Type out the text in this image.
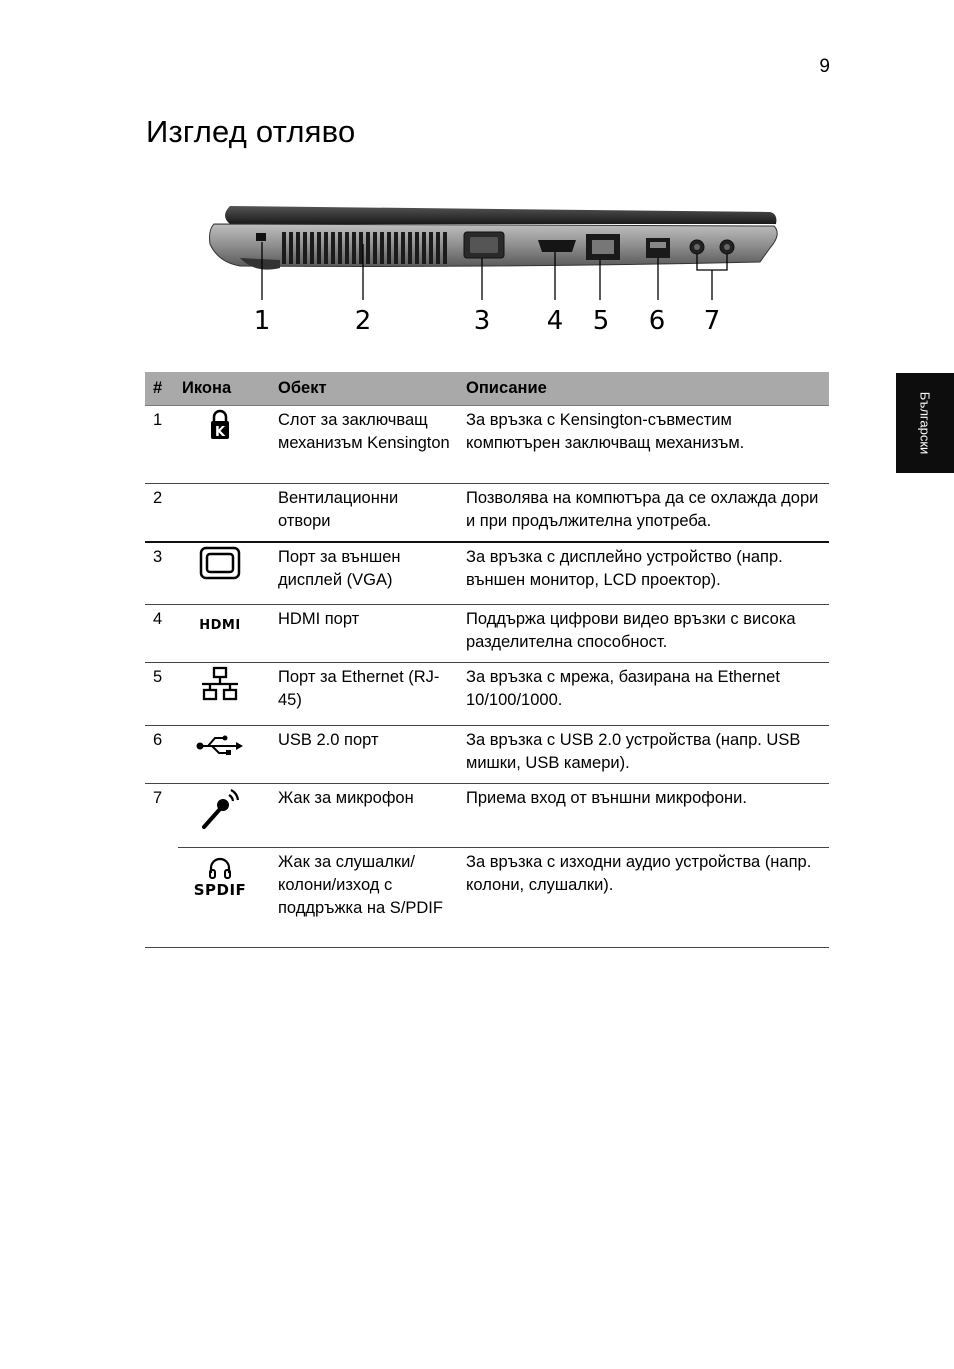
9
Изглед отляво
Български
1	2	3 4 5 6 7
#	Икона	Обект	Описание
1	K	Слот за заключващ механизъм Kensington	За връзка с Kensington-съвместим компютърен заключващ механизъм.
2		Вентилационни отвори	Позволява на компютъра да се охлажда дори и при продължителна употреба.
3		Порт за външен дисплей (VGA)	За връзка с дисплейно устройство (напр. външен монитор, LCD проектор).
4	HDMI	HDMI порт	Поддържа цифрови видео връзки с висока разделителна способност.
5		Порт за Ethernet (RJ-45)	За връзка с мрежа, базирана на Ethernet 10/100/1000.
6		USB 2.0 порт	За връзка с USB 2.0 устройства (напр. USB мишки, USB камери).
7		Жак за микрофон	Приема вход от външни микрофони.

	SPDIF	Жак за слушалки/ колони/изход с поддръжка на S/PDIF	За връзка с изходни аудио устройства (напр. колони, слушалки).
